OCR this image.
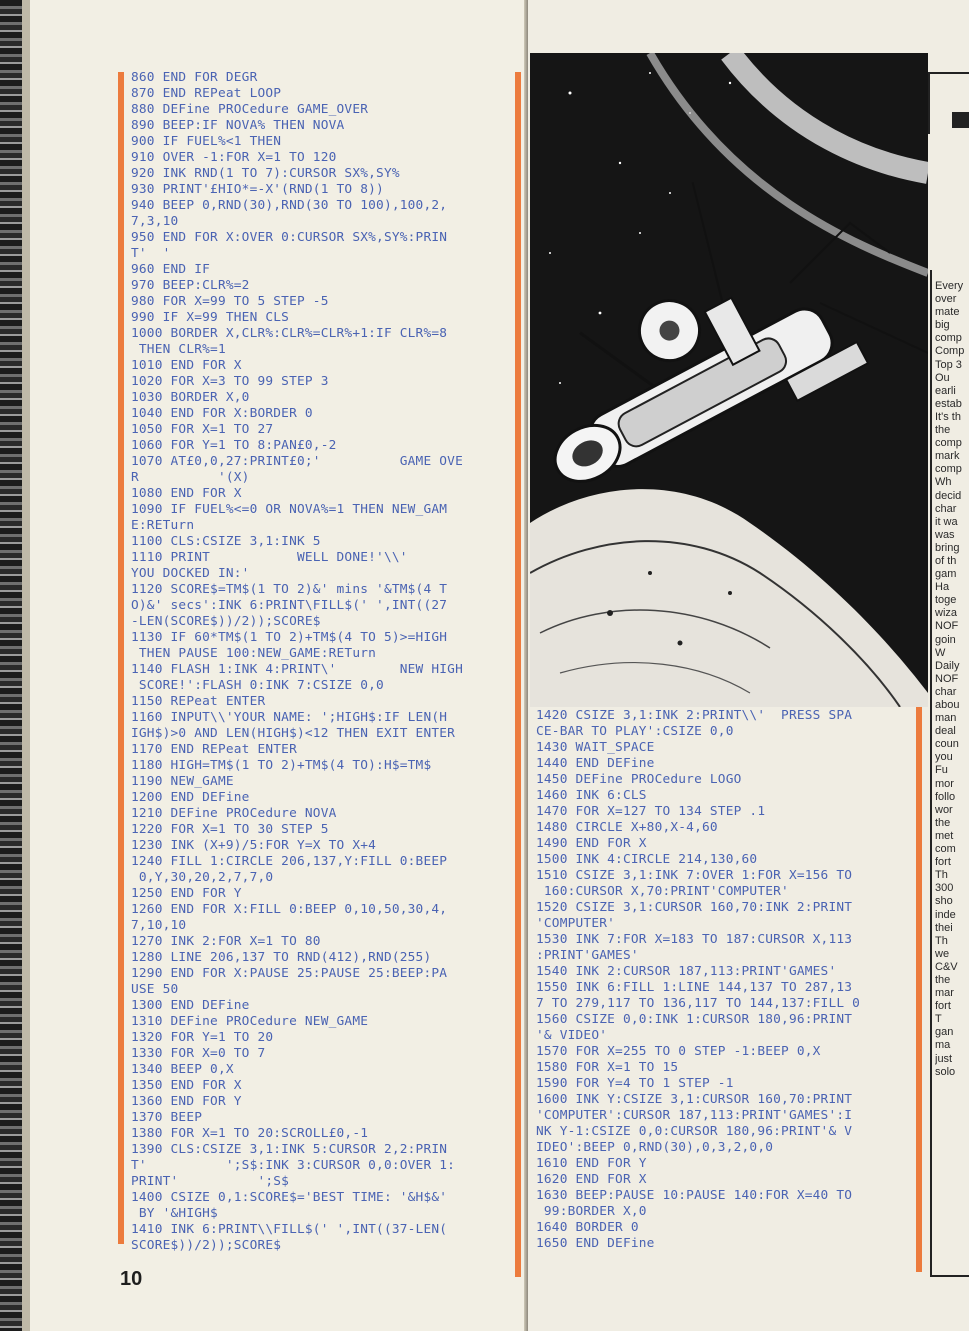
860 END FOR DEGR
870 END REPeat LOOP
880 DEFine PROCedure GAME_OVER
890 BEEP:IF NOVA% THEN NOVA
900 IF FUEL%<1 THEN
910 OVER -1:FOR X=1 TO 120
920 INK RND(1 TO 7):CURSOR SX%,SY%
930 PRINT'£HIO*=-X'(RND(1 TO 8))
940 BEEP 0,RND(30),RND(30 TO 100),100,2,
7,3,10
950 END FOR X:OVER 0:CURSOR SX%,SY%:PRIN
T'  '
960 END IF
970 BEEP:CLR%=2
980 FOR X=99 TO 5 STEP -5
990 IF X=99 THEN CLS
1000 BORDER X,CLR%:CLR%=CLR%+1:IF CLR%=8
THEN CLR%=1
1010 END FOR X
1020 FOR X=3 TO 99 STEP 3
1030 BORDER X,0
1040 END FOR X:BORDER 0
1050 FOR X=1 TO 27
1060 FOR Y=1 TO 8:PAN£0,-2
1070 AT£0,0,27:PRINT£0;'          GAME OVE
R          '(X)
1080 END FOR X
1090 IF FUEL%<=0 OR NOVA%=1 THEN NEW_GAM
E:RETurn
1100 CLS:CSIZE 3,1:INK 5
1110 PRINT           WELL DONE!'\\'
YOU DOCKED IN:'
1120 SCORE$=TM$(1 TO 2)&' mins '&TM$(4 T
O)&' secs':INK 6:PRINT\FILL$(' ',INT((27
-LEN(SCORE$))/2));SCORE$
1130 IF 60*TM$(1 TO 2)+TM$(4 TO 5)>=HIGH
THEN PAUSE 100:NEW_GAME:RETurn
1140 FLASH 1:INK 4:PRINT\'        NEW HIGH
SCORE!':FLASH 0:INK 7:CSIZE 0,0
1150 REPeat ENTER
1160 INPUT\\'YOUR NAME: ';HIGH$:IF LEN(H
IGH$)>0 AND LEN(HIGH$)<12 THEN EXIT ENTER
1170 END REPeat ENTER
1180 HIGH=TM$(1 TO 2)+TM$(4 TO):H$=TM$
1190 NEW_GAME
1200 END DEFine
1210 DEFine PROCedure NOVA
1220 FOR X=1 TO 30 STEP 5
1230 INK (X+9)/5:FOR Y=X TO X+4
1240 FILL 1:CIRCLE 206,137,Y:FILL 0:BEEP
0,Y,30,20,2,7,7,0
1250 END FOR Y
1260 END FOR X:FILL 0:BEEP 0,10,50,30,4,
7,10,10
1270 INK 2:FOR X=1 TO 80
1280 LINE 206,137 TO RND(412),RND(255)
1290 END FOR X:PAUSE 25:PAUSE 25:BEEP:PA
USE 50
1300 END DEFine
1310 DEFine PROCedure NEW_GAME
1320 FOR Y=1 TO 20
1330 FOR X=0 TO 7
1340 BEEP 0,X
1350 END FOR X
1360 END FOR Y
1370 BEEP
1380 FOR X=1 TO 20:SCROLL£0,-1
1390 CLS:CSIZE 3,1:INK 5:CURSOR 2,2:PRIN
T'          ';S$:INK 3:CURSOR 0,0:OVER 1:
PRINT'          ';S$
1400 CSIZE 0,1:SCORE$='BEST TIME: '&H$&'
BY '&HIGH$
1410 INK 6:PRINT\\FILL$(' ',INT((37-LEN(
SCORE$))/2));SCORE$
1420 CSIZE 3,1:INK 2:PRINT\\'  PRESS SPA
CE-BAR TO PLAY':CSIZE 0,0
1430 WAIT_SPACE
1440 END DEFine
1450 DEFine PROCedure LOGO
1460 INK 6:CLS
1470 FOR X=127 TO 134 STEP .1
1480 CIRCLE X+80,X-4,60
1490 END FOR X
1500 INK 4:CIRCLE 214,130,60
1510 CSIZE 3,1:INK 7:OVER 1:FOR X=156 TO
160:CURSOR X,70:PRINT'COMPUTER'
1520 CSIZE 3,1:CURSOR 160,70:INK 2:PRINT
'COMPUTER'
1530 INK 7:FOR X=183 TO 187:CURSOR X,113
:PRINT'GAMES'
1540 INK 2:CURSOR 187,113:PRINT'GAMES'
1550 INK 6:FILL 1:LINE 144,137 TO 287,13
7 TO 279,117 TO 136,117 TO 144,137:FILL 0
1560 CSIZE 0,0:INK 1:CURSOR 180,96:PRINT
'& VIDEO'
1570 FOR X=255 TO 0 STEP -1:BEEP 0,X
1580 FOR X=1 TO 15
1590 FOR Y=4 TO 1 STEP -1
1600 INK Y:CSIZE 3,1:CURSOR 160,70:PRINT
'COMPUTER':CURSOR 187,113:PRINT'GAMES':I
NK Y-1:CSIZE 0,0:CURSOR 180,96:PRINT'& V
IDEO':BEEP 0,RND(30),0,3,2,0,0
1610 END FOR Y
1620 END FOR X
1630 BEEP:PAUSE 10:PAUSE 140:FOR X=40 TO
99:BORDER X,0
1640 BORDER 0
1650 END DEFine
Every
over
mate
big
comp
Comp
Top 3
Ou
earli
estab
It's th
the
comp
mark
comp
Wh
decid
char
it wa
was
bring
of th
gam
Ha
toge
wiza
NOF
goin
W
Daily
NOF
char
abou
man
deal
coun
you
Fu
mor
follo
wor
the
met
com
fort
Th
300
sho
inde
thei
Th
we
C&V
the
mar
fort
T
gan
ma
just
solo
10
